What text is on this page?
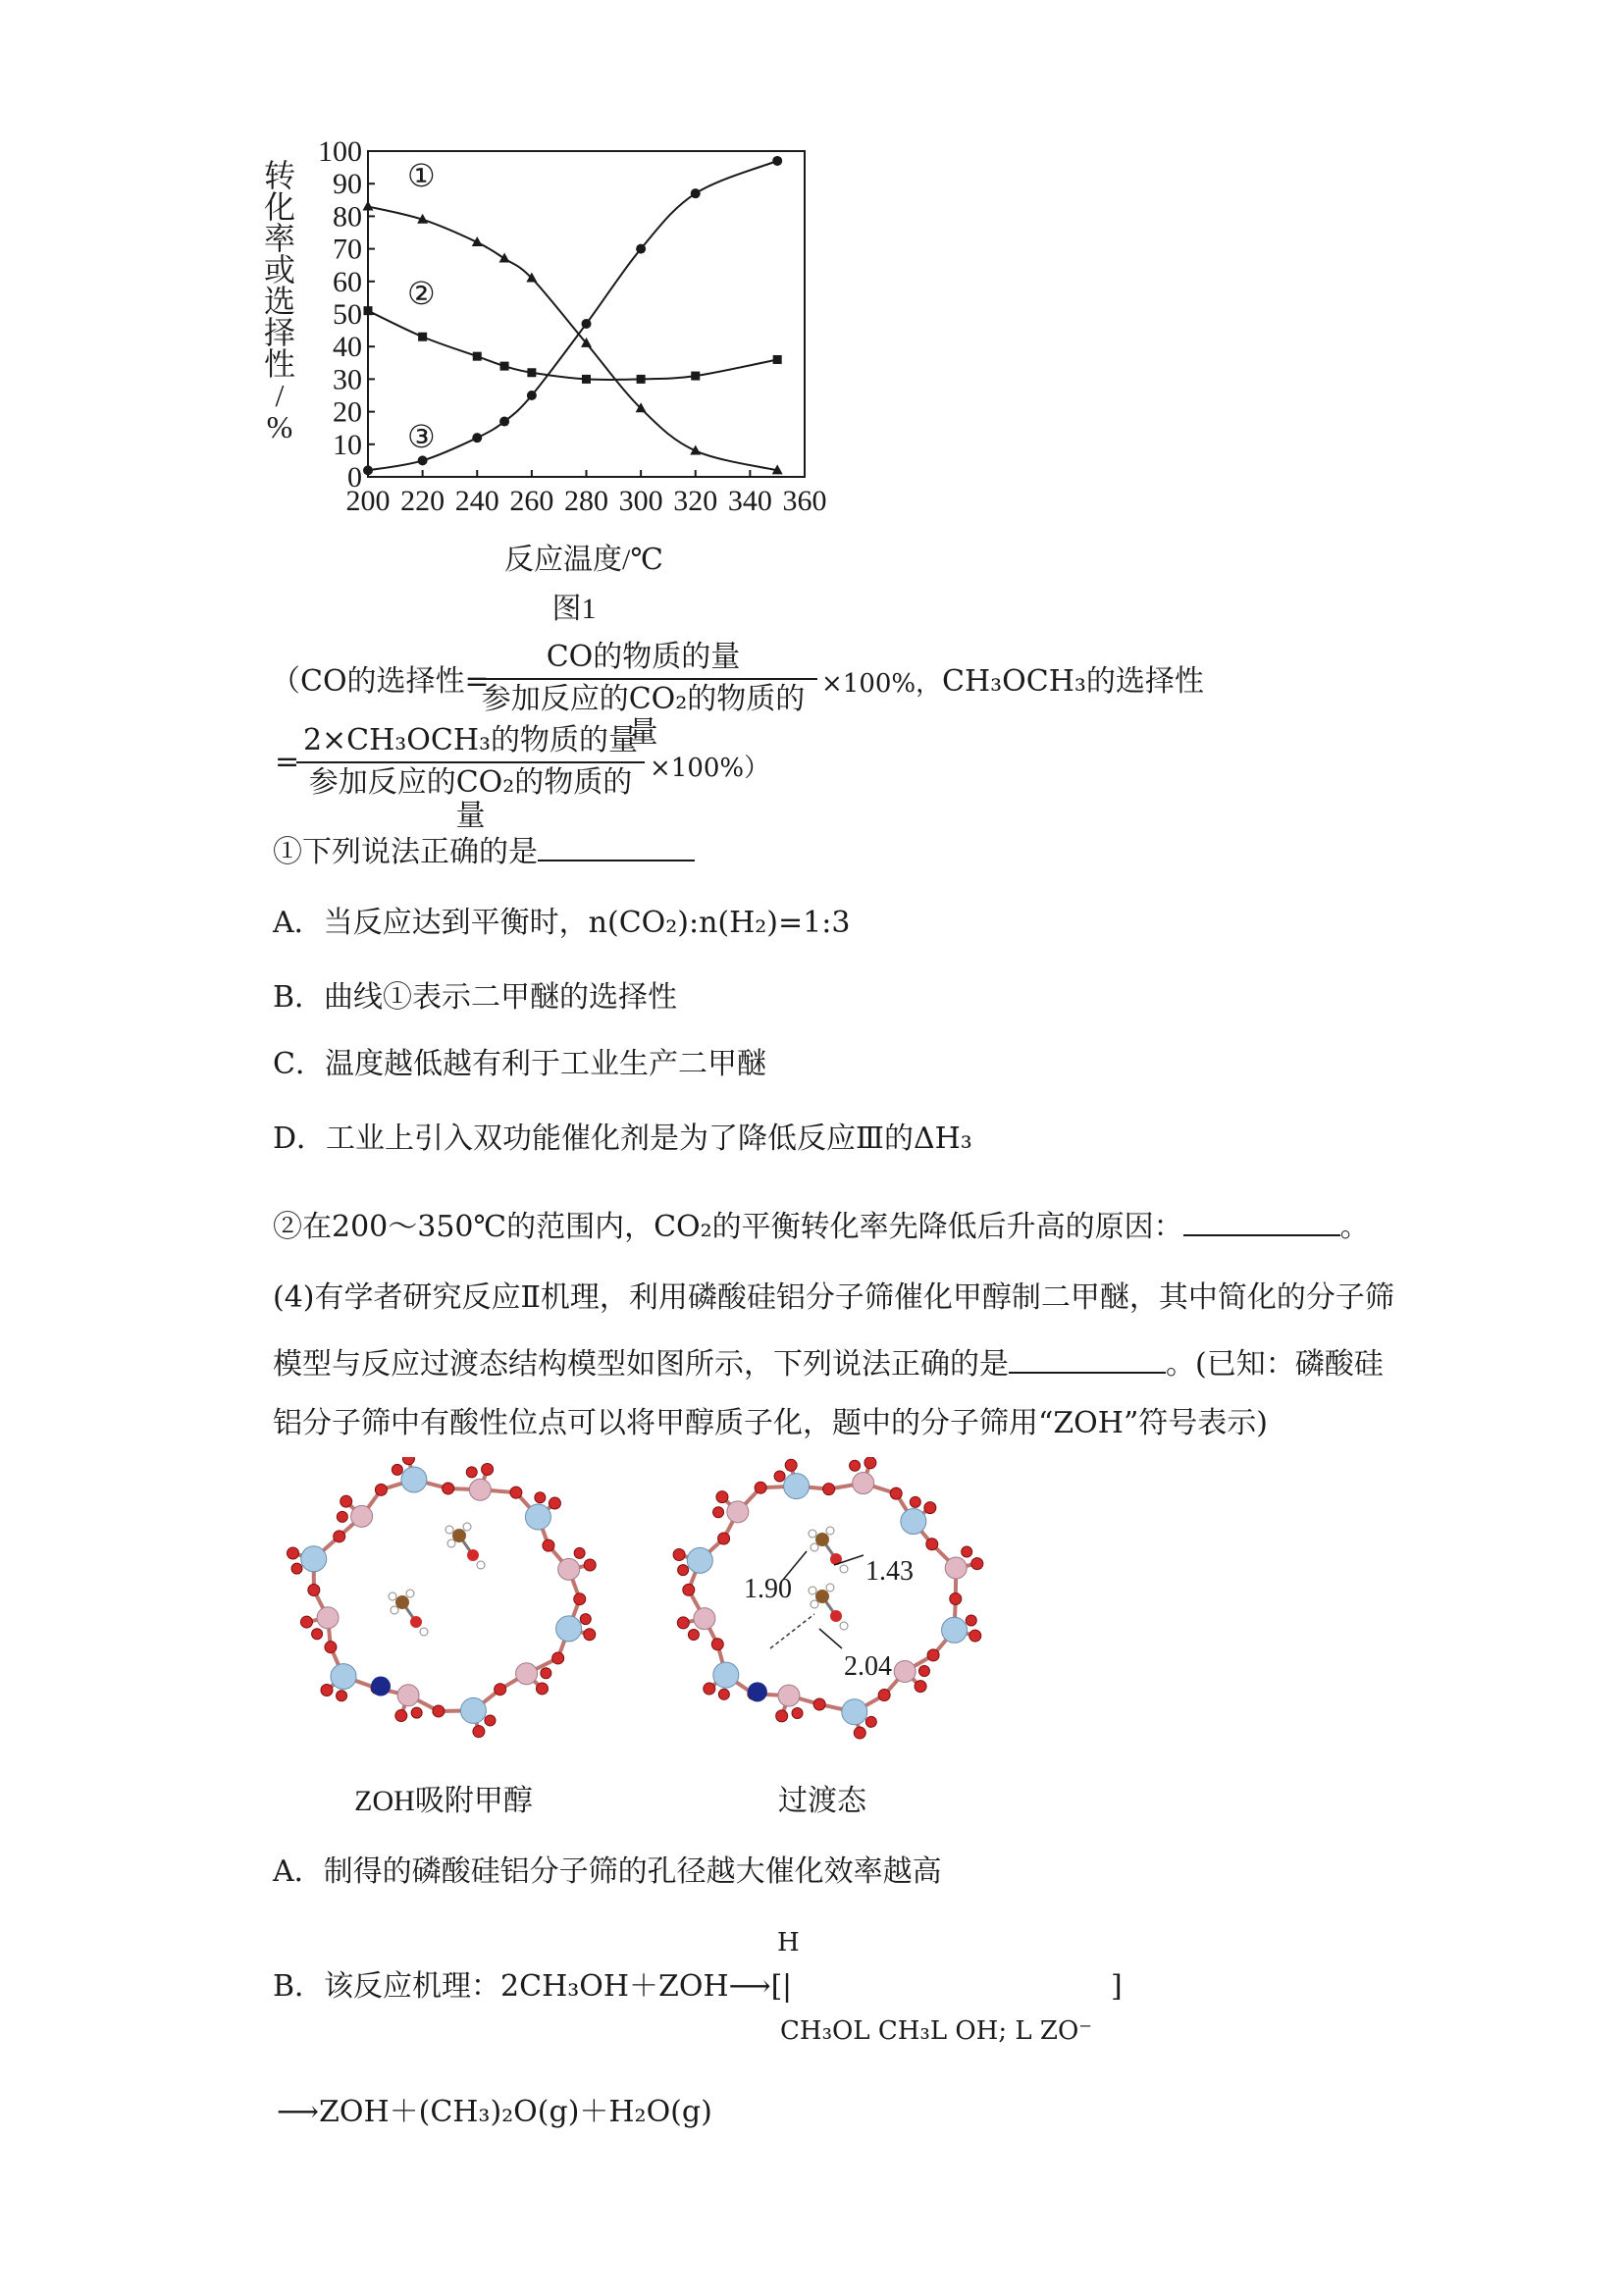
转化率或选择性/ %
0
10
20
30
40
50
60
70
80
90
100
200 220 240 260 280 300 320 340 360
①
②
③
反应温度/℃
图1
（CO的选择性=
CO的物质的量
参加反应的CO₂的物质的量
×100%， CH₃OCH₃的选择性
=
2×CH₃OCH₃的物质的量
参加反应的CO₂的物质的量
×100%）
①下列说法正确的是
A．当反应达到平衡时，n(CO₂):n(H₂)=1:3
B．曲线①表示二甲醚的选择性
C．温度越低越有利于工业生产二甲醚
D．工业上引入双功能催化剂是为了降低反应Ⅲ的ΔH₃
②在200～350℃的范围内，CO₂的平衡转化率先降低后升高的原因：	。
(4)有学者研究反应Ⅱ机理，利用磷酸硅铝分子筛催化甲醇制二甲醚，其中简化的分子筛
模型与反应过渡态结构模型如图所示，下列说法正确的是	。(已知：磷酸硅
铝分子筛中有酸性位点可以将甲醇质子化，题中的分子筛用“ZOH”符号表示)
1.90
1.43
2.04
ZOH吸附甲醇	过渡态
A．制得的磷酸硅铝分子筛的孔径越大催化效率越高
H
B．该反应机理：2CH₃OH＋ZOH⟶[ |	]
CH₃OL CH₃L OH; L ZO⁻
⟶ZOH＋(CH₃)₂O(g)＋H₂O(g)
